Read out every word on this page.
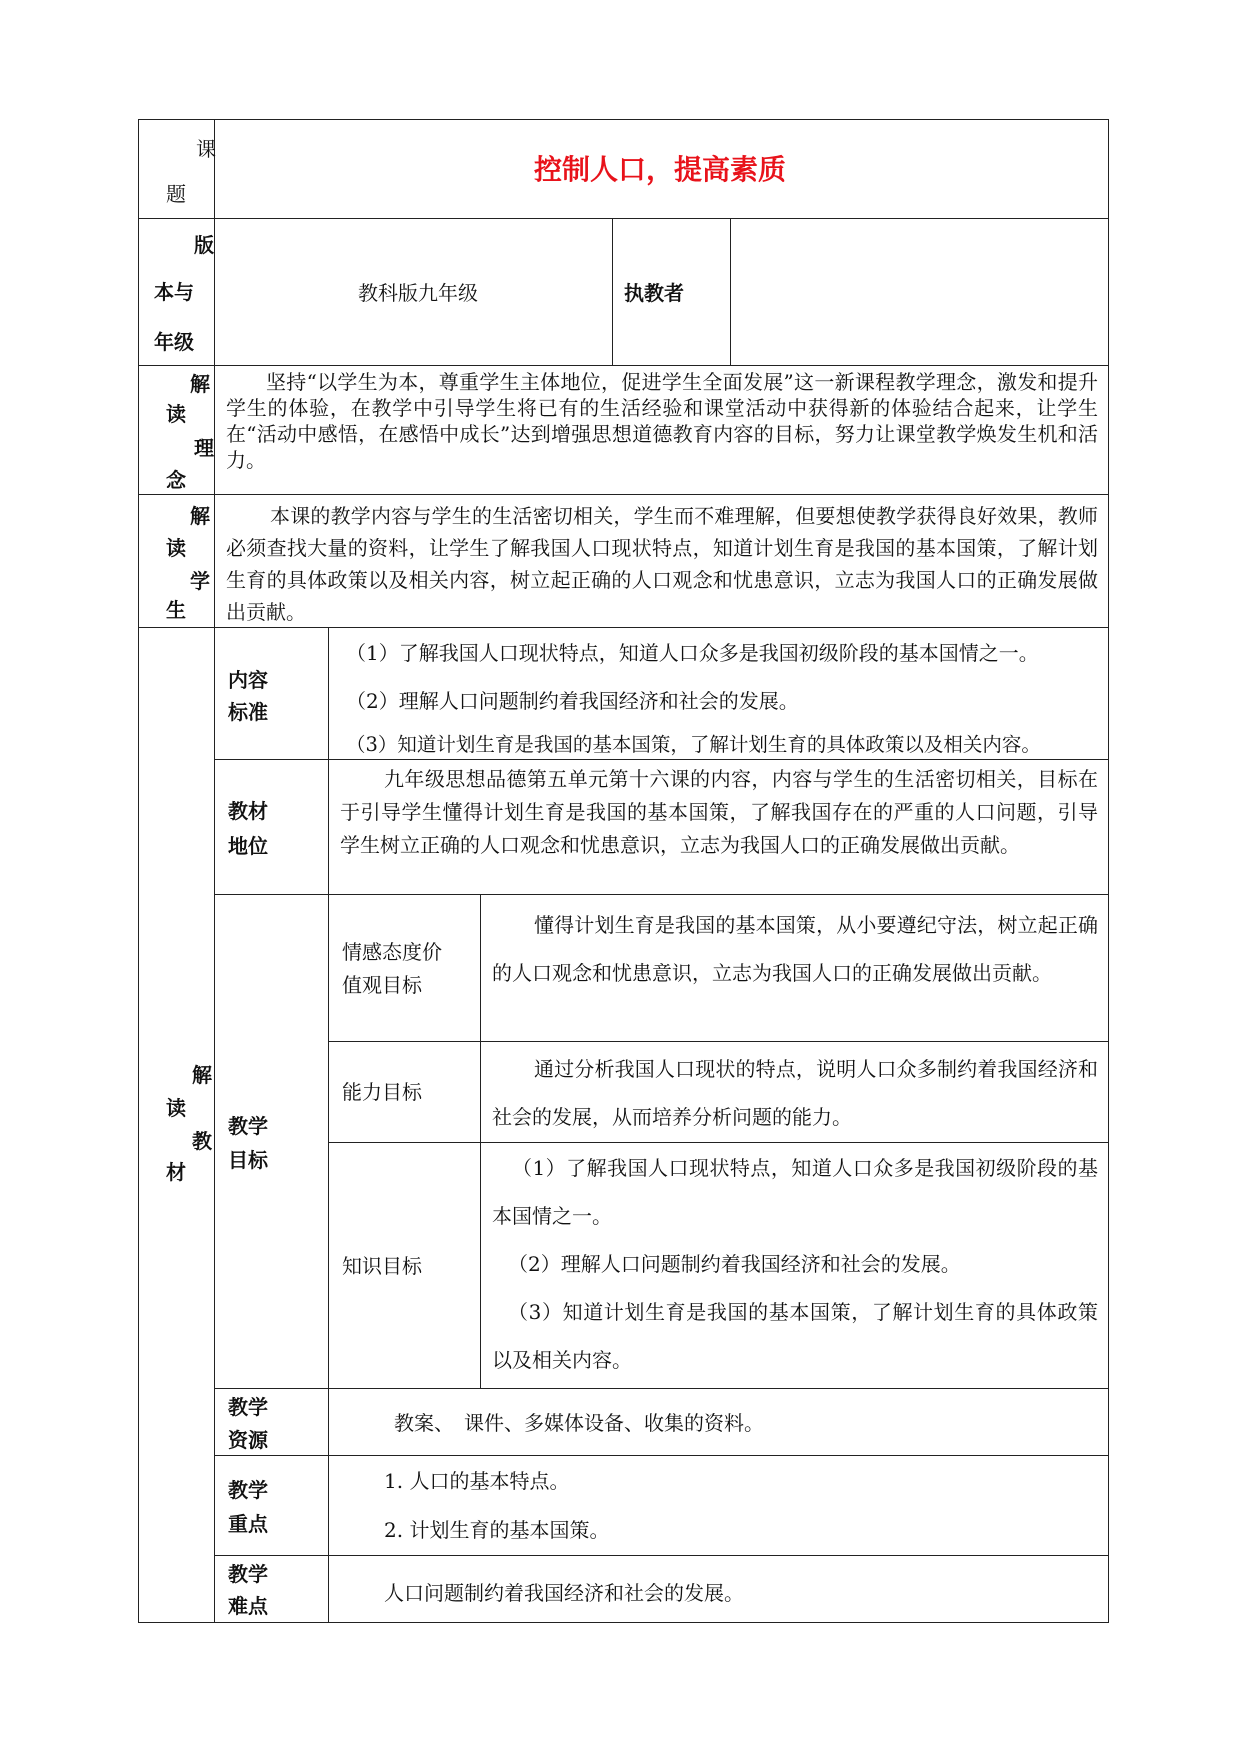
课
题
控制人口，提高素质
版
本与
年级
教科版九年级	执教者
解
读
理
念

坚持“以学生为本，尊重学生主体地位，促进学生全面发展”这一新课程教学理念，激发和提升学生的体验，在教学中引导学生将已有的生活经验和课堂活动中获得新的体验结合起来，让学生在“活动中感悟，在感悟中成长”达到增强思想道德教育内容的目标，努力让课堂教学焕发生机和活力。

解
读
学
生

本课的教学内容与学生的生活密切相关，学生而不难理解，但要想使教学获得良好效果，教师必须查找大量的资料，让学生了解我国人口现状特点，知道计划生育是我国的基本国策，了解计划生育的具体政策以及相关内容，树立起正确的人口观念和忧患意识，立志为我国人口的正确发展做出贡献。

解
读
教
材
内容
标准
（1）了解我国人口现状特点，知道人口众多是我国初级阶段的基本国情之一。
（2）理解人口问题制约着我国经济和社会的发展。
（3）知道计划生育是我国的基本国策，了解计划生育的具体政策以及相关内容。
教材
地位

九年级思想品德第五单元第十六课的内容，内容与学生的生活密切相关，目标在于引导学生懂得计划生育是我国的基本国策，了解我国存在的严重的人口问题，引导学生树立正确的人口观念和忧患意识，立志为我国人口的正确发展做出贡献。

教学
目标
情感态度价
值观目标

懂得计划生育是我国的基本国策，从小要遵纪守法，树立起正确的人口观念和忧患意识，立志为我国人口的正确发展做出贡献。

能力目标

通过分析我国人口现状的特点，说明人口众多制约着我国经济和社会的发展，从而培养分析问题的能力。

知识目标

（1）了解我国人口现状特点，知道人口众多是我国初级阶段的基本国情之一。

（2）理解人口问题制约着我国经济和社会的发展。

（3）知道计划生育是我国的基本国策，了解计划生育的具体政策以及相关内容。

教学
资源
教案、　课件、多媒体设备、收集的资料。
教学
重点
1. 人口的基本特点。
2. 计划生育的基本国策。
教学
难点
人口问题制约着我国经济和社会的发展。
